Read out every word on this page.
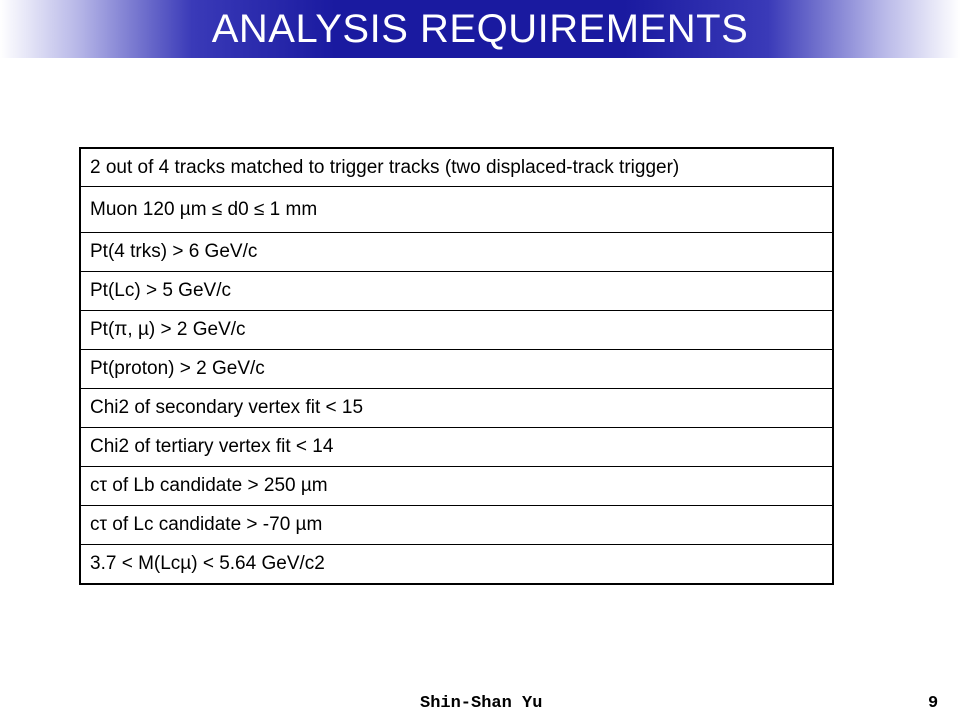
ANALYSIS REQUIREMENTS
2 out of 4 tracks matched to trigger tracks (two displaced-track trigger)
Muon 120 µm ≤ d0 ≤ 1 mm
Pt(4 trks) > 6 GeV/c
Pt(Lc) > 5 GeV/c
Pt(π, µ) > 2 GeV/c
Pt(proton) > 2 GeV/c
Chi2 of secondary vertex fit < 15
Chi2 of tertiary vertex fit < 14
cτ of Lb candidate > 250 µm
cτ of Lc candidate > -70 µm
3.7 < M(Lcµ) < 5.64 GeV/c2
Shin-Shan Yu	9
